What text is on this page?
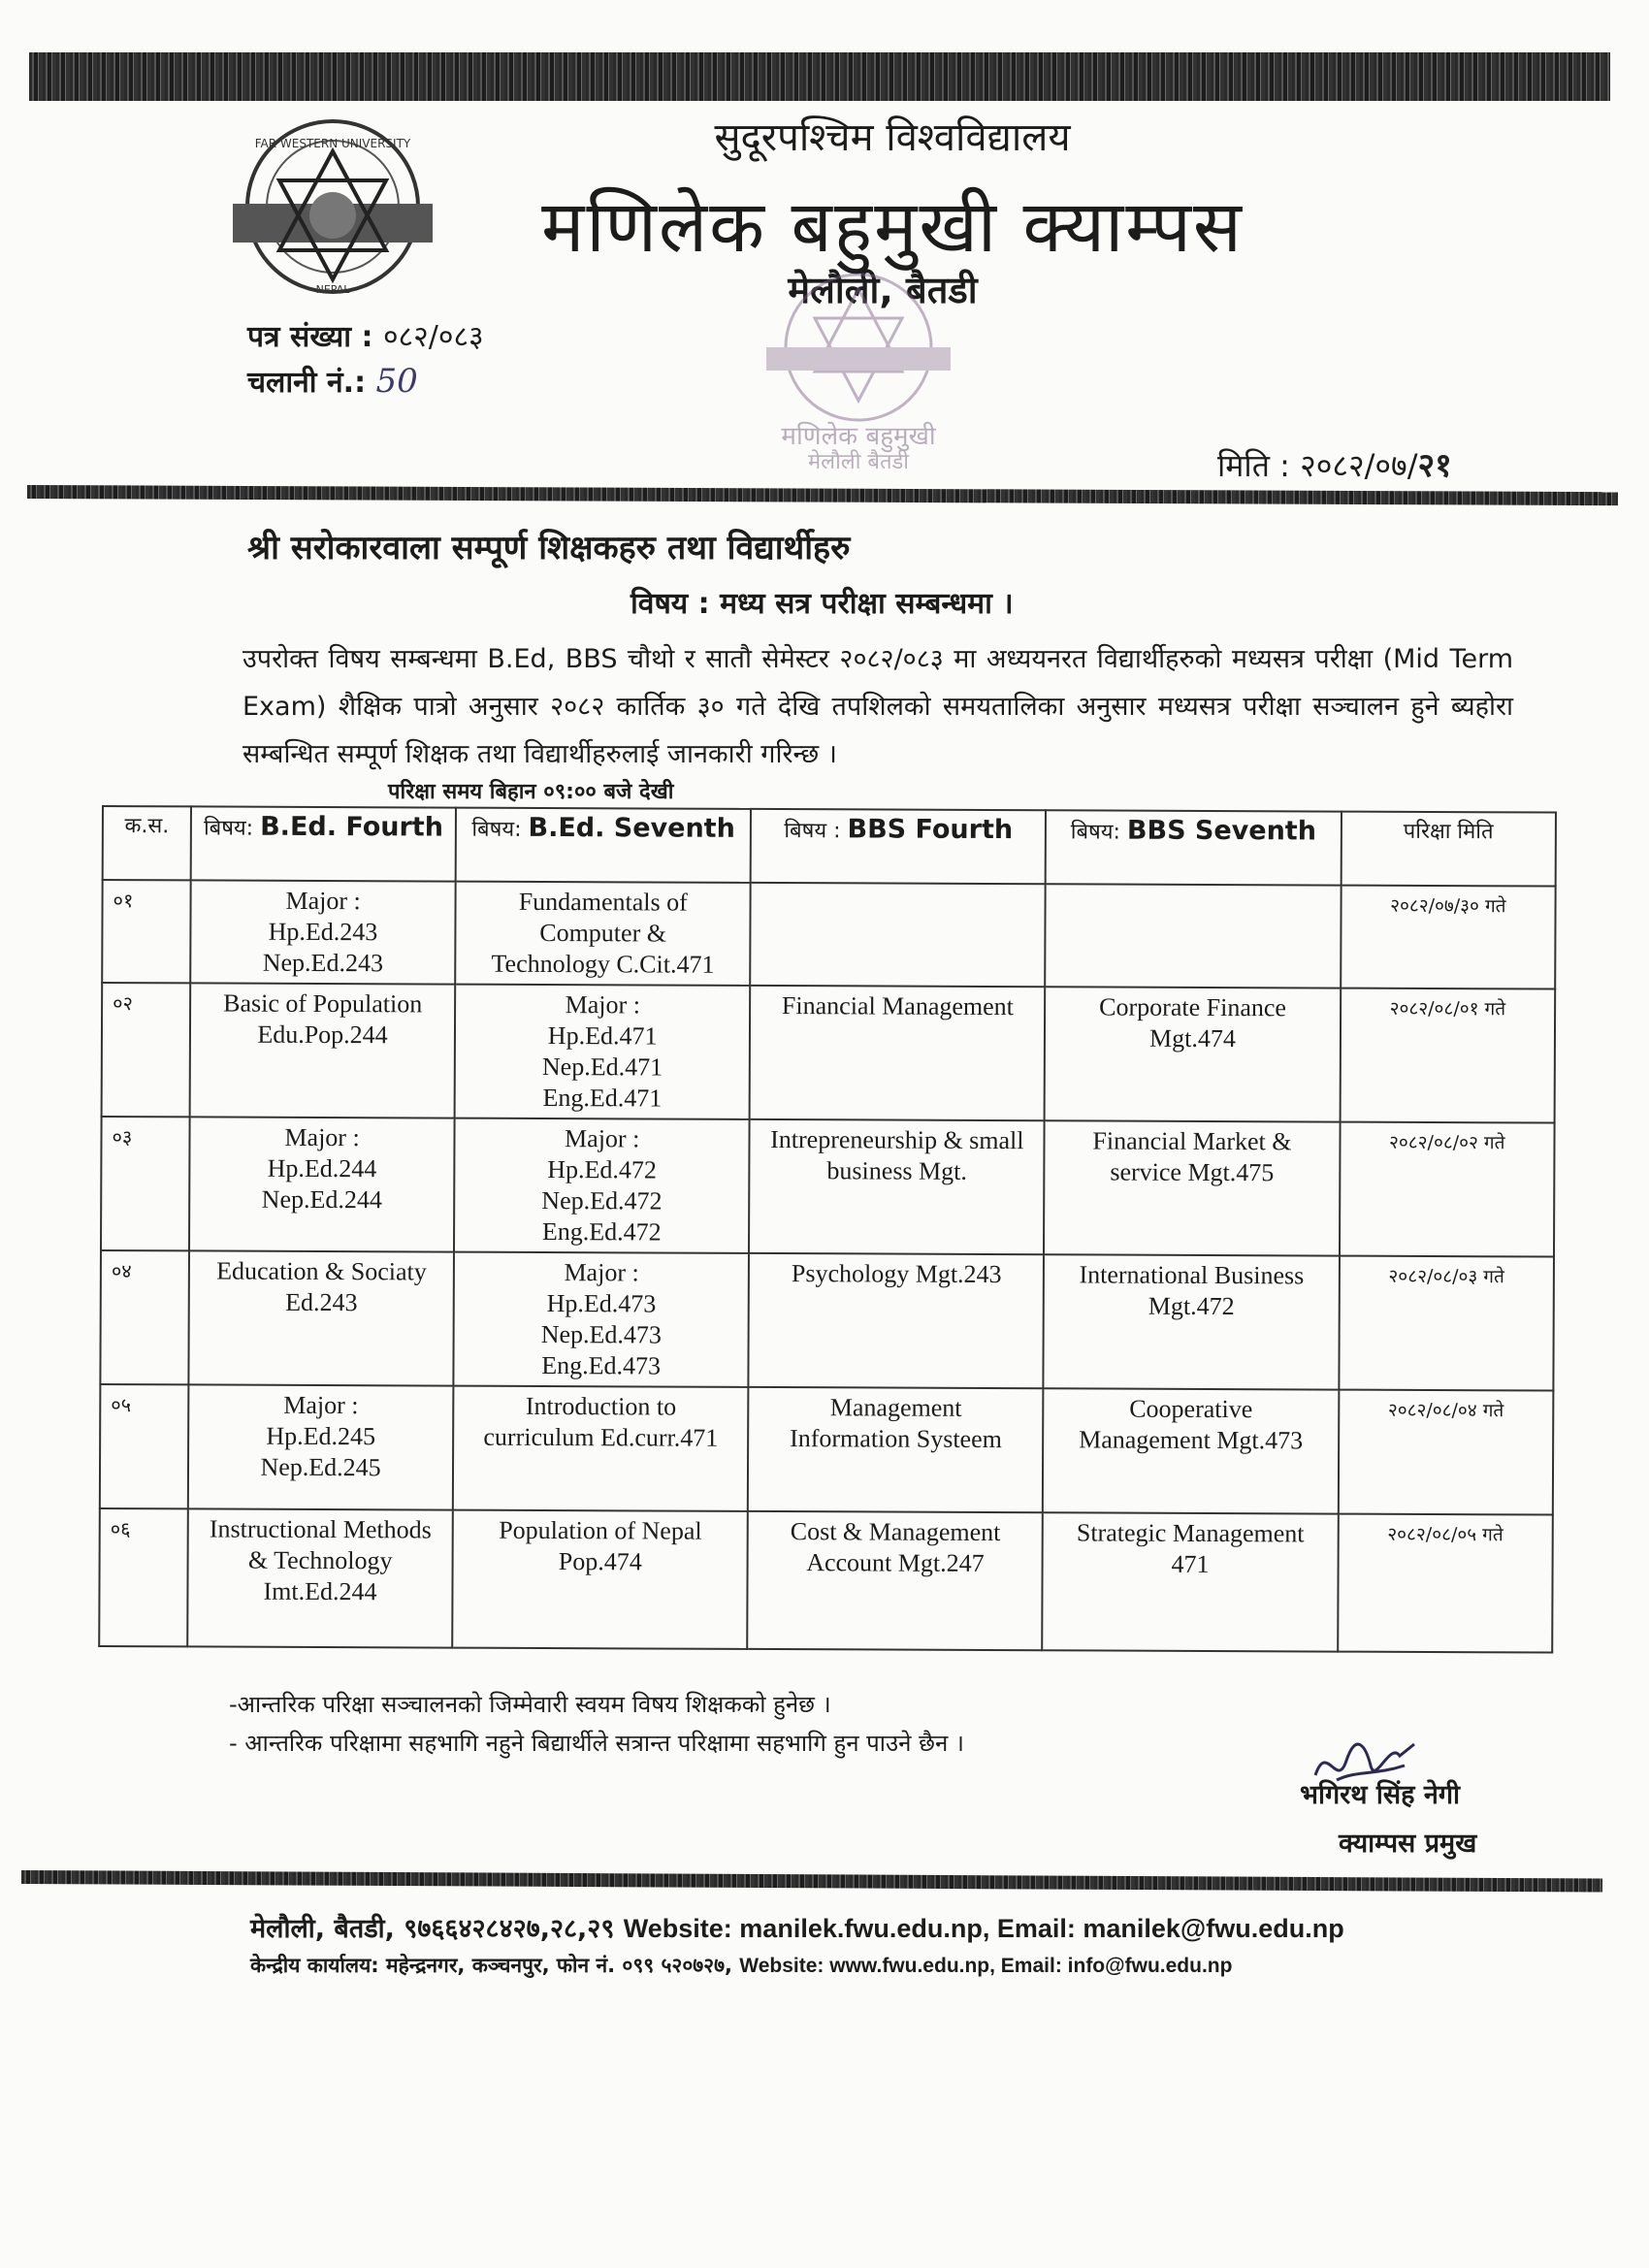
FAR WESTERN UNIVERSITY
NEPAL
सुदूरपश्चिम विश्वविद्यालय
मणिलेक बहुमुखी क्याम्पस
मेलौली, बैतडी
मणिलेक बहुमुखी
मेलौली बैतडी
पत्र संख्या : ०८२/०८३
चलानी नं.: 50
मिति : २०८२/०७/२१
श्री सरोकारवाला सम्पूर्ण शिक्षकहरु तथा विद्यार्थीहरु
विषय : मध्य सत्र परीक्षा सम्बन्धमा ।
उपरोक्त विषय सम्बन्धमा B.Ed, BBS चौथो र सातौ सेमेस्टर २०८२/०८३ मा अध्ययनरत विद्यार्थीहरुको मध्यसत्र परीक्षा (Mid Term Exam) शैक्षिक पात्रो अनुसार २०८२ कार्तिक ३० गते देखि तपशिलको समयतालिका अनुसार मध्यसत्र परीक्षा सञ्चालन हुने ब्यहोरा सम्बन्धित सम्पूर्ण शिक्षक तथा विद्यार्थीहरुलाई जानकारी गरिन्छ ।
परिक्षा समय बिहान ०९:०० बजे देखी
क.स.	बिषय: B.Ed. Fourth	बिषय: B.Ed. Seventh	बिषय : BBS Fourth	बिषय: BBS Seventh	परिक्षा मिति
०१	Major :
Hp.Ed.243
Nep.Ed.243	Fundamentals of
Computer &
Technology C.Cit.471			२०८२/०७/३० गते
०२	Basic of Population
Edu.Pop.244	Major :
Hp.Ed.471
Nep.Ed.471
Eng.Ed.471	Financial Management	Corporate Finance
Mgt.474	२०८२/०८/०१ गते
०३	Major :
Hp.Ed.244
Nep.Ed.244	Major :
Hp.Ed.472
Nep.Ed.472
Eng.Ed.472	Intrepreneurship & small
business Mgt.	Financial Market &
service Mgt.475	२०८२/०८/०२ गते
०४	Education & Sociaty
Ed.243	Major :
Hp.Ed.473
Nep.Ed.473
Eng.Ed.473	Psychology Mgt.243	International Business
Mgt.472	२०८२/०८/०३ गते
०५	Major :
Hp.Ed.245
Nep.Ed.245	Introduction to
curriculum Ed.curr.471	Management
Information Systeem	Cooperative
Management Mgt.473	२०८२/०८/०४ गते
०६	Instructional Methods
& Technology
Imt.Ed.244	Population of Nepal
Pop.474	Cost & Management
Account Mgt.247	Strategic Management
471	२०८२/०८/०५ गते
-आन्तरिक परिक्षा सञ्चालनको जिम्मेवारी स्वयम विषय शिक्षकको हुनेछ ।
- आन्तरिक परिक्षामा सहभागि नहुने बिद्यार्थीले सत्रान्त परिक्षामा सहभागि हुन पाउने छैन ।
भगिरथ सिंह नेगी
क्याम्पस प्रमुख
मेलौली, बैतडी, ९७६६४२८४२७,२८,२९ Website: manilek.fwu.edu.np, Email: manilek@fwu.edu.np
केन्द्रीय कार्यालय: महेन्द्रनगर, कञ्चनपुर, फोन नं. ०९९ ५२०७२७, Website: www.fwu.edu.np, Email: info@fwu.edu.np
